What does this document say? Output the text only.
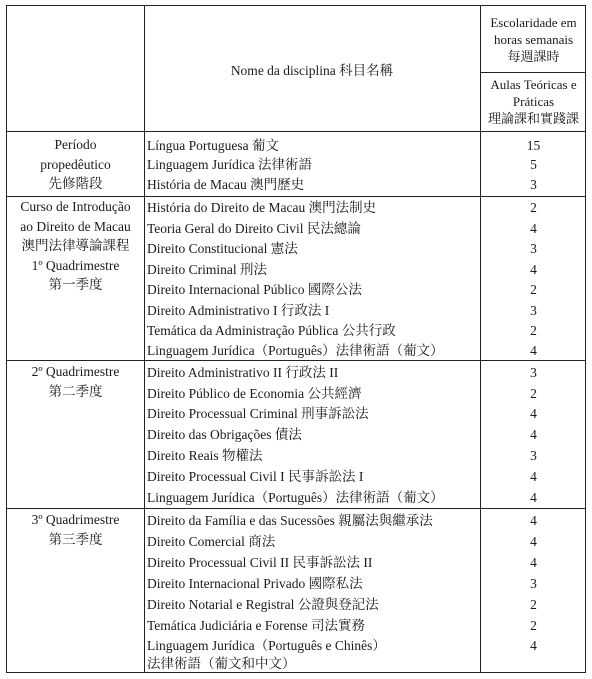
Nome da disciplina 科目名稱
Escolaridade em
horas semanais
每週課時
Aulas Teóricas e
Práticas
理論課和實踐課
Período
propedêutico
先修階段
Língua Portuguesa 葡文	15
Linguagem Jurídica 法律術語	5
História de Macau 澳門歷史	3
Curso de Introdução
ao Direito de Macau
澳門法律導論課程
1º Quadrimestre
第一季度
História do Direito de Macau 澳門法制史	2
Teoria Geral do Direito Civil 民法總論	4
Direito Constitucional 憲法	3
Direito Criminal 刑法	4
Direito Internacional Público 國際公法	2
Direito Administrativo I 行政法 I	3
Temática da Administração Pública 公共行政	2
Linguagem Jurídica（Português）法律術語（葡文）	4
2º Quadrimestre
第二季度
Direito Administrativo II 行政法 II	3
Direito Público de Economia 公共經濟	2
Direito Processual Criminal 刑事訴訟法	4
Direito das Obrigações 債法	4
Direito Reais 物權法	3
Direito Processual Civil I 民事訴訟法 I	4
Linguagem Jurídica（Português）法律術語（葡文）	4
3º Quadrimestre
第三季度
Direito da Família e das Sucessões 親屬法與繼承法	4
Direito Comercial 商法	4
Direito Processual Civil II 民事訴訟法 II	4
Direito Internacional Privado 國際私法	3
Direito Notarial e Registral 公證與登記法	2
Temática Judiciária e Forense 司法實務	2
Linguagem Jurídica（Português e Chinês）	4
法律術語（葡文和中文）
